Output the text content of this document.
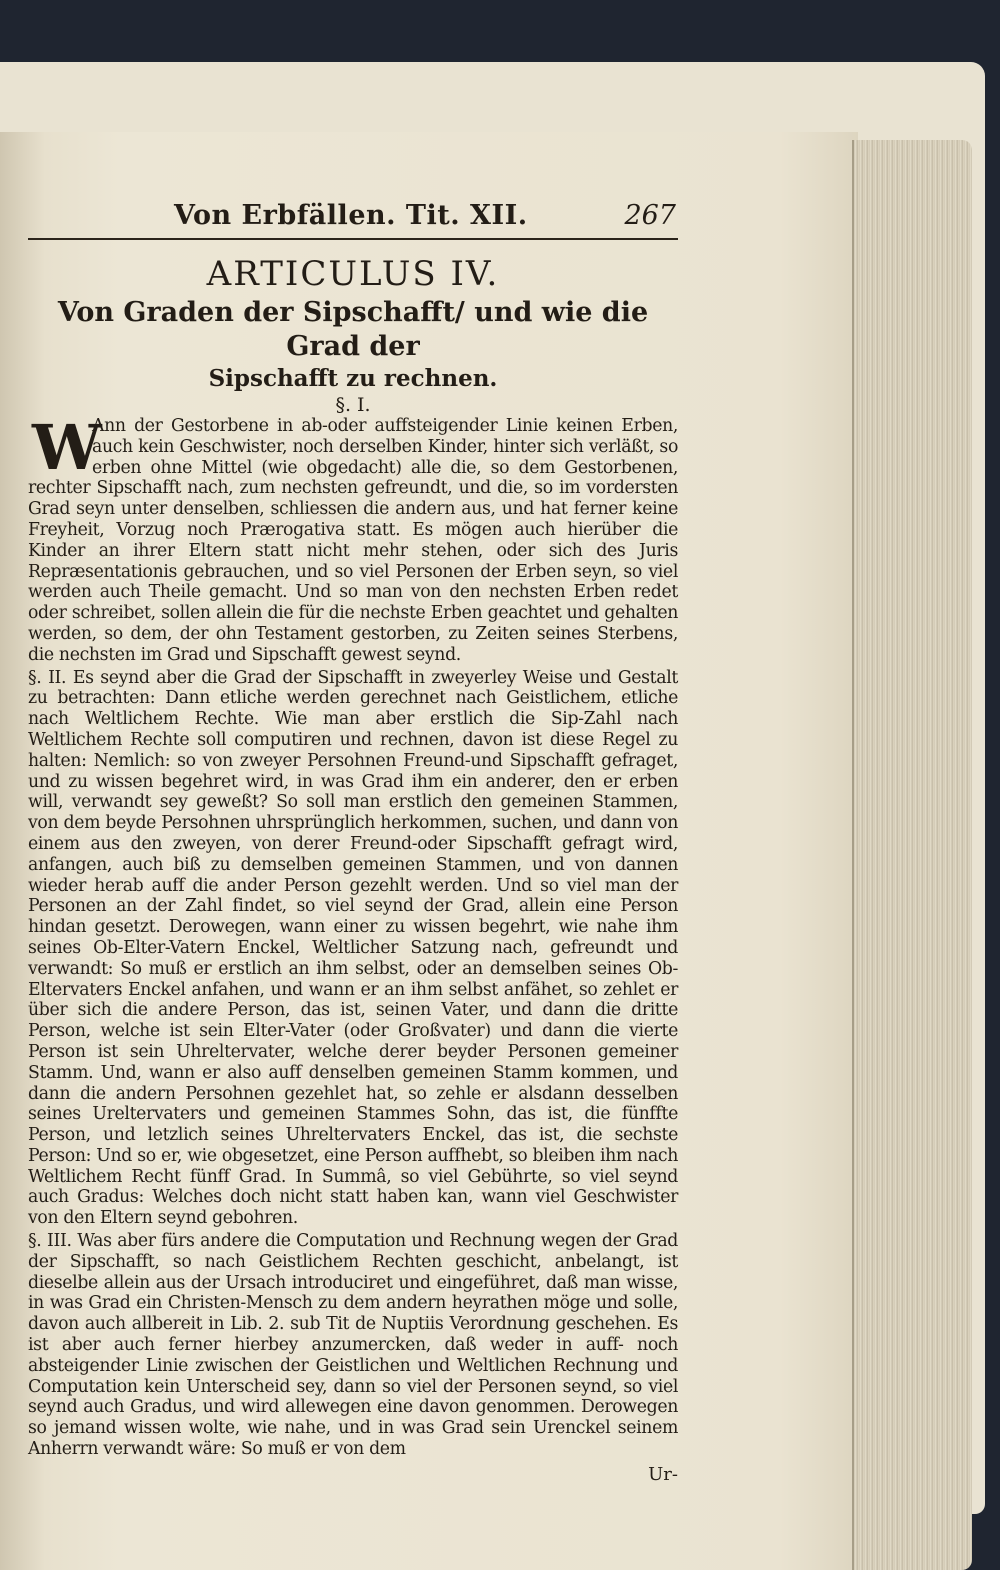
Von Erbfällen. Tit. XII.	267
ARTICULUS IV.
Von Graden der Sipschafft/ und wie die Grad der
Sipschafft zu rechnen.
§. I.

W
Ann der Gestorbene in ab-oder auffsteigender Linie keinen Erben, auch kein Geschwister, noch derselben Kinder, hinter sich verläßt, so erben ohne Mittel (wie obgedacht) alle die, so dem Gestorbenen, rechter Sipschafft nach, zum nechsten gefreundt, und die, so im vordersten Grad seyn unter denselben, schliessen die andern aus, und hat ferner keine Freyheit, Vorzug noch Prærogativa statt. Es mögen auch hierüber die Kinder an ihrer Eltern statt nicht mehr stehen, oder sich des Juris Repræsentationis gebrauchen, und so viel Personen der Erben seyn, so viel werden auch Theile gemacht. Und so man von den nechsten Erben redet oder schreibet, sollen allein die für die nechste Erben geachtet und gehalten werden, so dem, der ohn Testament gestorben, zu Zeiten seines Sterbens, die nechsten im Grad und Sipschafft gewest seynd.

§. II. Es seynd aber die Grad der Sipschafft in zweyerley Weise und Gestalt zu betrachten: Dann etliche werden gerechnet nach Geistlichem, etliche nach Weltlichem Rechte. Wie man aber erstlich die Sip-Zahl nach Weltlichem Rechte soll computiren und rechnen, davon ist diese Regel zu halten: Nemlich: so von zweyer Persohnen Freund-und Sipschafft gefraget, und zu wissen begehret wird, in was Grad ihm ein anderer, den er erben will, verwandt sey geweßt? So soll man erstlich den gemeinen Stammen, von dem beyde Persohnen uhrsprünglich herkommen, suchen, und dann von einem aus den zweyen, von derer Freund-oder Sipschafft gefragt wird, anfangen, auch biß zu demselben gemeinen Stammen, und von dannen wieder herab auff die ander Person gezehlt werden. Und so viel man der Personen an der Zahl findet, so viel seynd der Grad, allein eine Person hindan gesetzt. Derowegen, wann einer zu wissen begehrt, wie nahe ihm seines Ob-Elter-Vatern Enckel, Weltlicher Satzung nach, gefreundt und verwandt: So muß er erstlich an ihm selbst, oder an demselben seines Ob-Eltervaters Enckel anfahen, und wann er an ihm selbst anfähet, so zehlet er über sich die andere Person, das ist, seinen Vater, und dann die dritte Person, welche ist sein Elter-Vater (oder Großvater) und dann die vierte Person ist sein Uhreltervater, welche derer beyder Personen gemeiner Stamm. Und, wann er also auff denselben gemeinen Stamm kommen, und dann die andern Persohnen gezehlet hat, so zehle er alsdann desselben seines Ureltervaters und gemeinen Stammes Sohn, das ist, die fünffte Person, und letzlich seines Uhreltervaters Enckel, das ist, die sechste Person: Und so er, wie obgesetzet, eine Person auffhebt, so bleiben ihm nach Weltlichem Recht fünff Grad. In Summâ, so viel Gebührte, so viel seynd auch Gradus: Welches doch nicht statt haben kan, wann viel Geschwister von den Eltern seynd gebohren.

§. III. Was aber fürs andere die Computation und Rechnung wegen der Grad der Sipschafft, so nach Geistlichem Rechten geschicht, anbelangt, ist dieselbe allein aus der Ursach introduciret und eingeführet, daß man wisse, in was Grad ein Christen-Mensch zu dem andern heyrathen möge und solle, davon auch allbereit in Lib. 2. sub Tit de Nuptiis Verordnung geschehen. Es ist aber auch ferner hierbey anzumercken, daß weder in auff- noch absteigender Linie zwischen der Geistlichen und Weltlichen Rechnung und Computation kein Unterscheid sey, dann so viel der Personen seynd, so viel seynd auch Gradus, und wird allewegen eine davon genommen. Derowegen so jemand wissen wolte, wie nahe, und in was Grad sein Urenckel seinem Anherrn verwandt wäre: So muß er von dem

Ur-
